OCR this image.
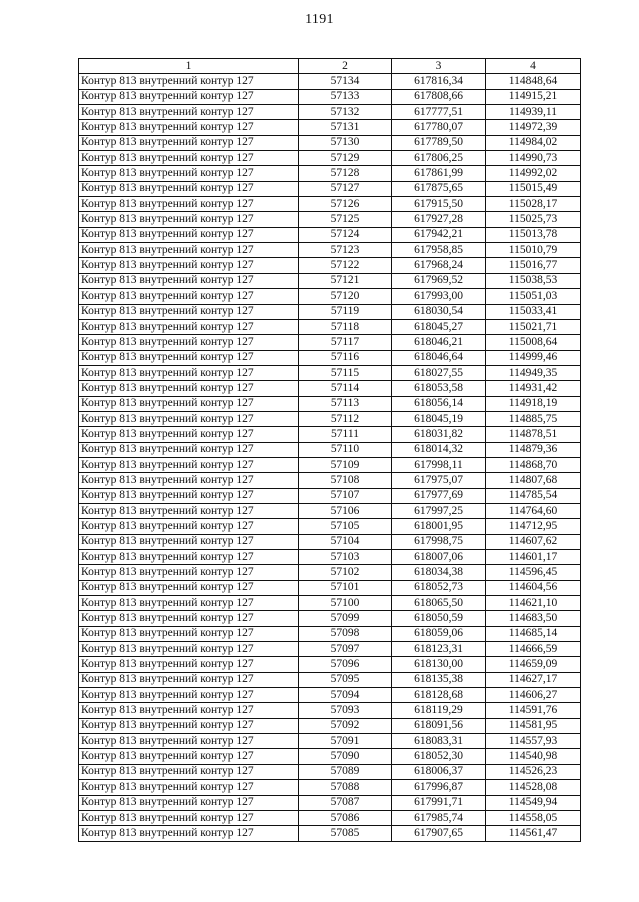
1191
1	2	3	4
Контур 813 внутренний контур 127	57134	617816,34	114848,64
Контур 813 внутренний контур 127	57133	617808,66	114915,21
Контур 813 внутренний контур 127	57132	617777,51	114939,11
Контур 813 внутренний контур 127	57131	617780,07	114972,39
Контур 813 внутренний контур 127	57130	617789,50	114984,02
Контур 813 внутренний контур 127	57129	617806,25	114990,73
Контур 813 внутренний контур 127	57128	617861,99	114992,02
Контур 813 внутренний контур 127	57127	617875,65	115015,49
Контур 813 внутренний контур 127	57126	617915,50	115028,17
Контур 813 внутренний контур 127	57125	617927,28	115025,73
Контур 813 внутренний контур 127	57124	617942,21	115013,78
Контур 813 внутренний контур 127	57123	617958,85	115010,79
Контур 813 внутренний контур 127	57122	617968,24	115016,77
Контур 813 внутренний контур 127	57121	617969,52	115038,53
Контур 813 внутренний контур 127	57120	617993,00	115051,03
Контур 813 внутренний контур 127	57119	618030,54	115033,41
Контур 813 внутренний контур 127	57118	618045,27	115021,71
Контур 813 внутренний контур 127	57117	618046,21	115008,64
Контур 813 внутренний контур 127	57116	618046,64	114999,46
Контур 813 внутренний контур 127	57115	618027,55	114949,35
Контур 813 внутренний контур 127	57114	618053,58	114931,42
Контур 813 внутренний контур 127	57113	618056,14	114918,19
Контур 813 внутренний контур 127	57112	618045,19	114885,75
Контур 813 внутренний контур 127	57111	618031,82	114878,51
Контур 813 внутренний контур 127	57110	618014,32	114879,36
Контур 813 внутренний контур 127	57109	617998,11	114868,70
Контур 813 внутренний контур 127	57108	617975,07	114807,68
Контур 813 внутренний контур 127	57107	617977,69	114785,54
Контур 813 внутренний контур 127	57106	617997,25	114764,60
Контур 813 внутренний контур 127	57105	618001,95	114712,95
Контур 813 внутренний контур 127	57104	617998,75	114607,62
Контур 813 внутренний контур 127	57103	618007,06	114601,17
Контур 813 внутренний контур 127	57102	618034,38	114596,45
Контур 813 внутренний контур 127	57101	618052,73	114604,56
Контур 813 внутренний контур 127	57100	618065,50	114621,10
Контур 813 внутренний контур 127	57099	618050,59	114683,50
Контур 813 внутренний контур 127	57098	618059,06	114685,14
Контур 813 внутренний контур 127	57097	618123,31	114666,59
Контур 813 внутренний контур 127	57096	618130,00	114659,09
Контур 813 внутренний контур 127	57095	618135,38	114627,17
Контур 813 внутренний контур 127	57094	618128,68	114606,27
Контур 813 внутренний контур 127	57093	618119,29	114591,76
Контур 813 внутренний контур 127	57092	618091,56	114581,95
Контур 813 внутренний контур 127	57091	618083,31	114557,93
Контур 813 внутренний контур 127	57090	618052,30	114540,98
Контур 813 внутренний контур 127	57089	618006,37	114526,23
Контур 813 внутренний контур 127	57088	617996,87	114528,08
Контур 813 внутренний контур 127	57087	617991,71	114549,94
Контур 813 внутренний контур 127	57086	617985,74	114558,05
Контур 813 внутренний контур 127	57085	617907,65	114561,47
